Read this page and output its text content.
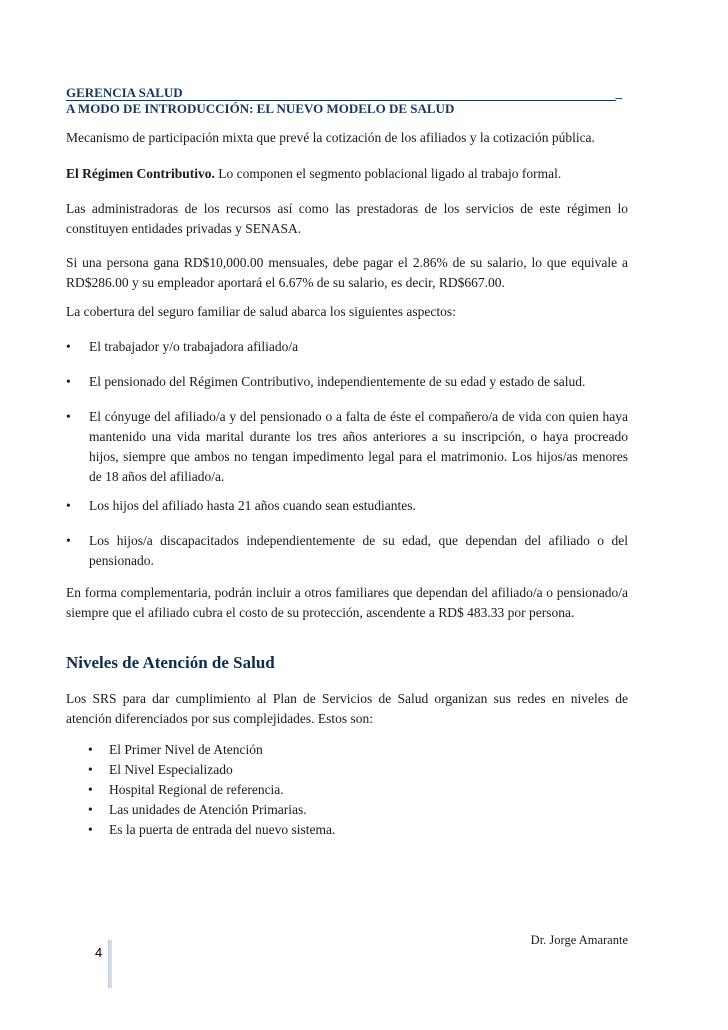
GERENCIA SALUD	_
A MODO DE INTRODUCCIÓN: EL NUEVO MODELO DE SALUD

Mecanismo de participación mixta que prevé la cotización de los afiliados y la cotización pública.

El Régimen Contributivo. Lo componen el segmento poblacional ligado al trabajo formal.

Las administradoras de los recursos así como las prestadoras de los servicios de este régimen lo constituyen entidades privadas y SENASA.

Si una persona gana RD$10,000.00 mensuales, debe pagar el 2.86% de su salario, lo que equivale a RD$286.00 y su empleador aportará el 6.67% de su salario, es decir, RD$667.00.

La cobertura del seguro familiar de salud abarca los siguientes aspectos:

•	El trabajador y/o trabajadora afiliado/a
•	El pensionado del Régimen Contributivo, independientemente de su edad y estado de salud.
•	El cónyuge del afiliado/a y del pensionado o a falta de éste el compañero/a de vida con quien haya mantenido una vida marital durante los tres años anteriores a su inscripción, o haya procreado hijos, siempre que ambos no tengan impedimento legal para el matrimonio. Los hijos/as menores de 18 años del afiliado/a.
•	Los hijos del afiliado hasta 21 años cuando sean estudiantes.
•	Los hijos/a discapacitados independientemente de su edad, que dependan del afiliado o del pensionado.

En forma complementaria, podrán incluir a otros familiares que dependan del afiliado/a o pensionado/a siempre que el afiliado cubra el costo de su protección, ascendente a RD$ 483.33 por persona.

Niveles de Atención de Salud

Los SRS para dar cumplimiento al Plan de Servicios de Salud organizan sus redes en niveles de atención diferenciados por sus complejidades. Estos son:

• El Primer Nivel de Atención
• El Nivel Especializado
• Hospital Regional de referencia.
• Las unidades de Atención Primarias.
• Es la puerta de entrada del nuevo sistema.
Dr. Jorge Amarante
4
